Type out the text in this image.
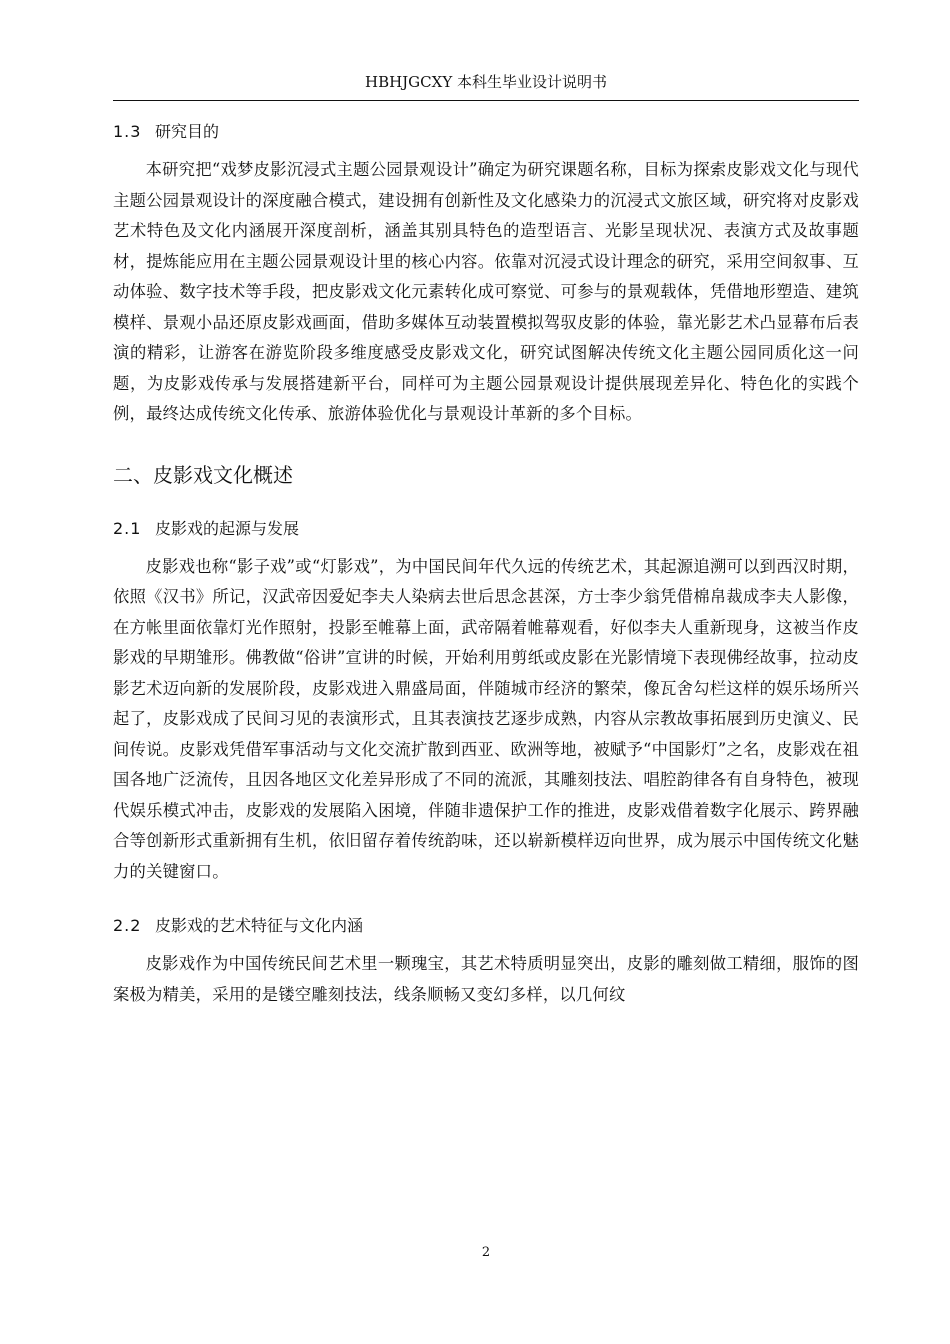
HBHJGCXY 本科生毕业设计说明书
1.3 研究目的

本研究把“戏梦皮影沉浸式主题公园景观设计”确定为研究课题名称，目标为探索皮影戏文化与现代主题公园景观设计的深度融合模式，建设拥有创新性及文化感染力的沉浸式文旅区域，研究将对皮影戏艺术特色及文化内涵展开深度剖析，涵盖其别具特色的造型语言、光影呈现状况、表演方式及故事题材，提炼能应用在主题公园景观设计里的核心内容。依靠对沉浸式设计理念的研究，采用空间叙事、互动体验、数字技术等手段，把皮影戏文化元素转化成可察觉、可参与的景观载体，凭借地形塑造、建筑模样、景观小品还原皮影戏画面，借助多媒体互动装置模拟驾驭皮影的体验，靠光影艺术凸显幕布后表演的精彩，让游客在游览阶段多维度感受皮影戏文化，研究试图解决传统文化主题公园同质化这一问题，为皮影戏传承与发展搭建新平台，同样可为主题公园景观设计提供展现差异化、特色化的实践个例，最终达成传统文化传承、旅游体验优化与景观设计革新的多个目标。

二、皮影戏文化概述
2.1 皮影戏的起源与发展

皮影戏也称“影子戏”或“灯影戏”，为中国民间年代久远的传统艺术，其起源追溯可以到西汉时期，依照《汉书》所记，汉武帝因爱妃李夫人染病去世后思念甚深，方士李少翁凭借棉帛裁成李夫人影像，在方帐里面依靠灯光作照射，投影至帷幕上面，武帝隔着帷幕观看，好似李夫人重新现身，这被当作皮影戏的早期雏形。佛教做“俗讲”宣讲的时候，开始利用剪纸或皮影在光影情境下表现佛经故事，拉动皮影艺术迈向新的发展阶段，皮影戏进入鼎盛局面，伴随城市经济的繁荣，像瓦舍勾栏这样的娱乐场所兴起了，皮影戏成了民间习见的表演形式，且其表演技艺逐步成熟，内容从宗教故事拓展到历史演义、民间传说。皮影戏凭借军事活动与文化交流扩散到西亚、欧洲等地，被赋予“中国影灯”之名，皮影戏在祖国各地广泛流传，且因各地区文化差异形成了不同的流派，其雕刻技法、唱腔韵律各有自身特色，被现代娱乐模式冲击，皮影戏的发展陷入困境，伴随非遗保护工作的推进，皮影戏借着数字化展示、跨界融合等创新形式重新拥有生机，依旧留存着传统韵味，还以崭新模样迈向世界，成为展示中国传统文化魅力的关键窗口。

2.2 皮影戏的艺术特征与文化内涵

皮影戏作为中国传统民间艺术里一颗瑰宝，其艺术特质明显突出，皮影的雕刻做工精细，服饰的图案极为精美，采用的是镂空雕刻技法，线条顺畅又变幻多样，以几何纹

2
